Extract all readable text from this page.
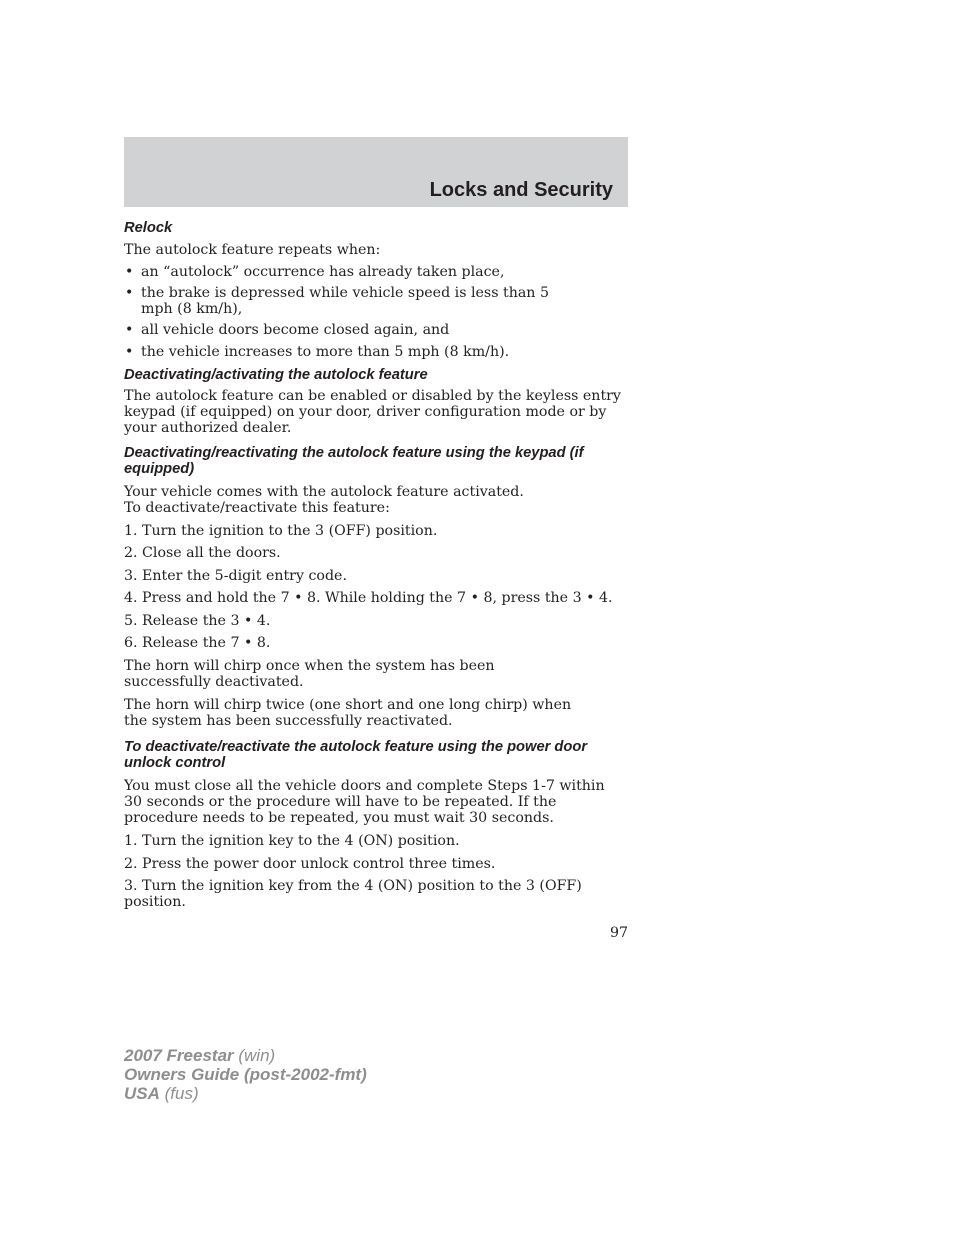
Locks and Security
Relock
The autolock feature repeats when:
• an “autolock” occurrence has already taken place,
• the brake is depressed while vehicle speed is less than 5 mph (8 km/h),
• all vehicle doors become closed again, and
• the vehicle increases to more than 5 mph (8 km/h).
Deactivating/activating the autolock feature
The autolock feature can be enabled or disabled by the keyless entry keypad (if equipped) on your door, driver configuration mode or by your authorized dealer.
Deactivating/reactivating the autolock feature using the keypad (if equipped)
Your vehicle comes with the autolock feature activated. To deactivate/reactivate this feature:
1. Turn the ignition to the 3 (OFF) position.
2. Close all the doors.
3. Enter the 5-digit entry code.
4. Press and hold the 7 • 8. While holding the 7 • 8, press the 3 • 4.
5. Release the 3 • 4.
6. Release the 7 • 8.
The horn will chirp once when the system has been successfully deactivated.
The horn will chirp twice (one short and one long chirp) when the system has been successfully reactivated.
To deactivate/reactivate the autolock feature using the power door unlock control
You must close all the vehicle doors and complete Steps 1-7 within 30 seconds or the procedure will have to be repeated. If the procedure needs to be repeated, you must wait 30 seconds.
1. Turn the ignition key to the 4 (ON) position.
2. Press the power door unlock control three times.
3. Turn the ignition key from the 4 (ON) position to the 3 (OFF) position.
97
2007 Freestar (win)
Owners Guide (post-2002-fmt)
USA (fus)
